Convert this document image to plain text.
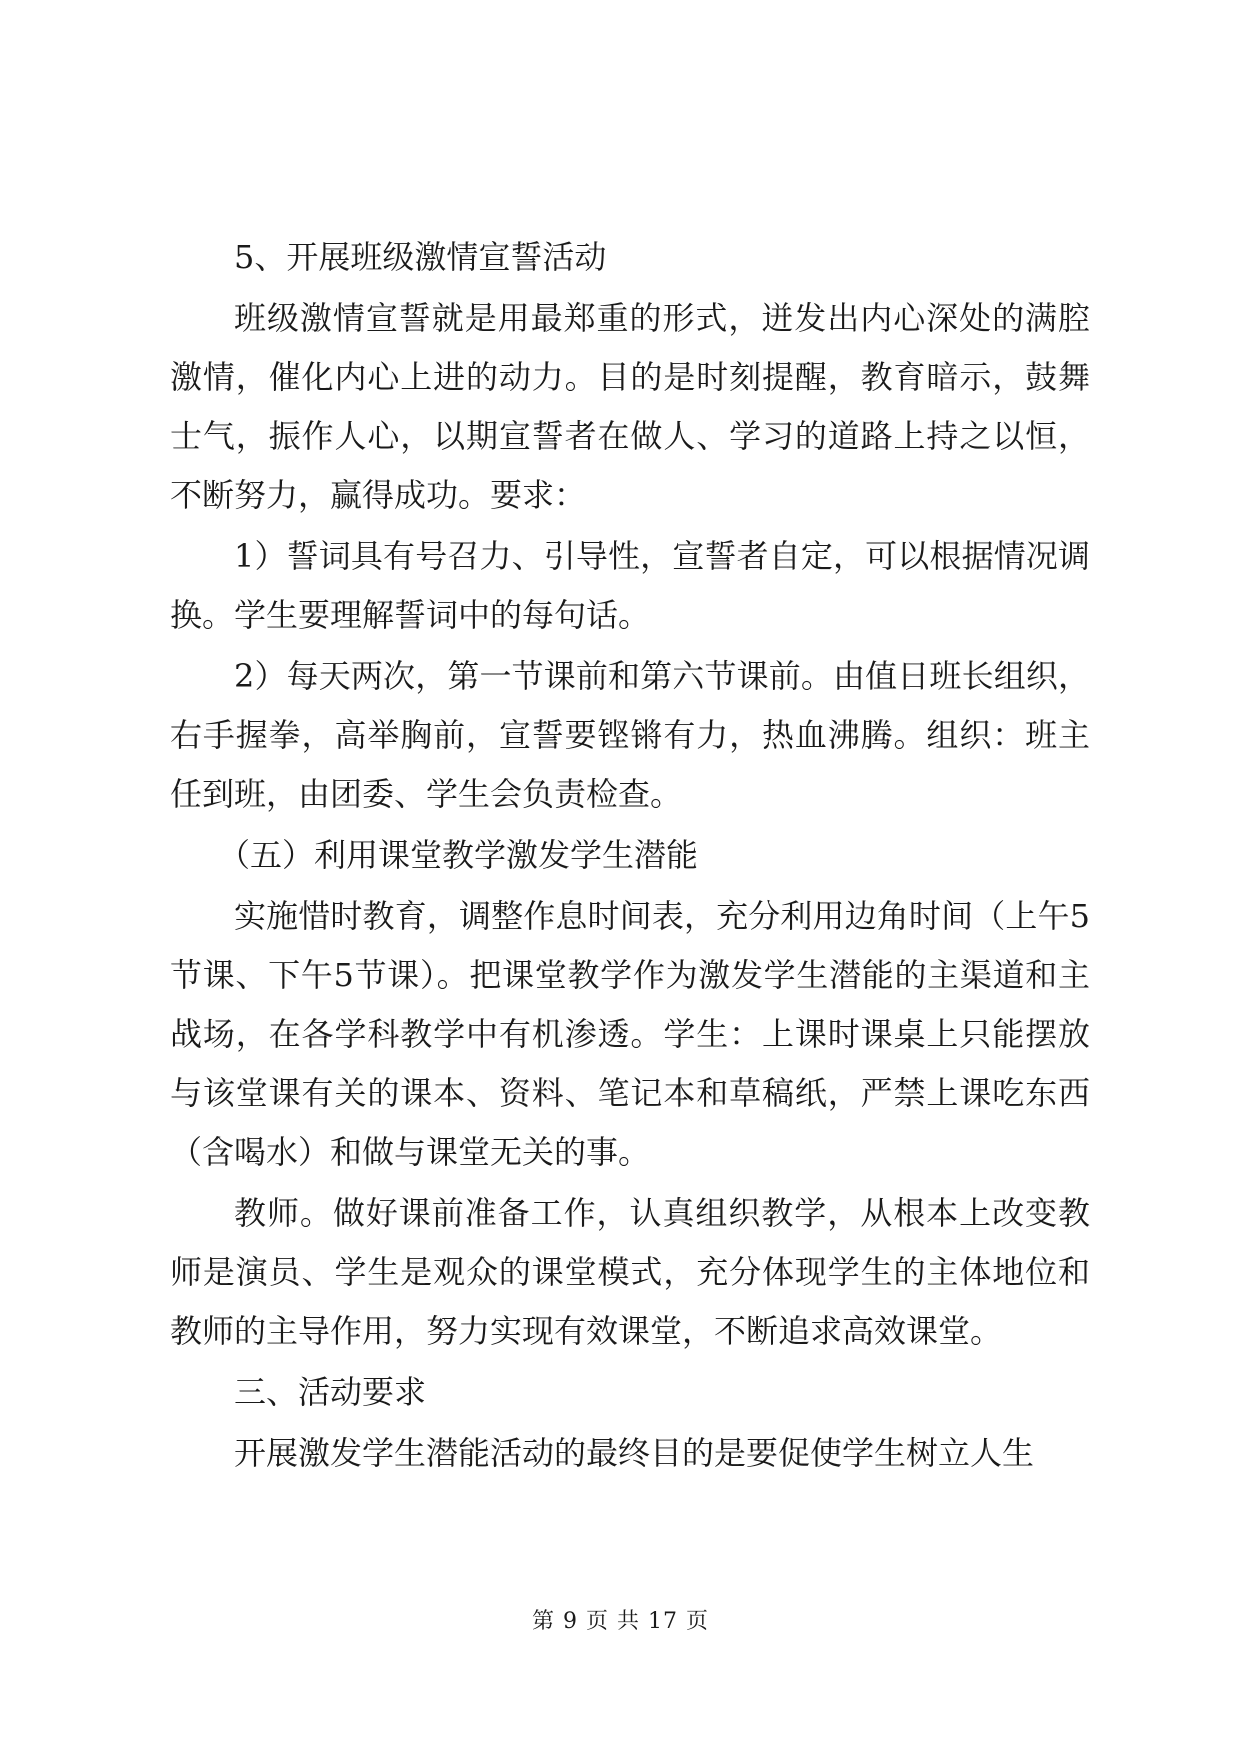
5、开展班级激情宣誓活动

班级激情宣誓就是用最郑重的形式，迸发出内心深处的满腔激情，催化内心上进的动力。目的是时刻提醒，教育暗示，鼓舞士气，振作人心，以期宣誓者在做人、学习的道路上持之以恒，不断努力，赢得成功。要求：

1）誓词具有号召力、引导性，宣誓者自定，可以根据情况调换。学生要理解誓词中的每句话。

2）每天两次，第一节课前和第六节课前。由值日班长组织，右手握拳，高举胸前，宣誓要铿锵有力，热血沸腾。组织：班主任到班，由团委、学生会负责检查。

（五）利用课堂教学激发学生潜能

实施惜时教育，调整作息时间表，充分利用边角时间（上午5节课、下午5节课）。把课堂教学作为激发学生潜能的主渠道和主战场，在各学科教学中有机渗透。学生：上课时课桌上只能摆放与该堂课有关的课本、资料、笔记本和草稿纸，严禁上课吃东西（含喝水）和做与课堂无关的事。

教师。做好课前准备工作，认真组织教学，从根本上改变教师是演员、学生是观众的课堂模式，充分体现学生的主体地位和教师的主导作用，努力实现有效课堂，不断追求高效课堂。

三、活动要求

开展激发学生潜能活动的最终目的是要促使学生树立人生

第 9 页 共 17 页
